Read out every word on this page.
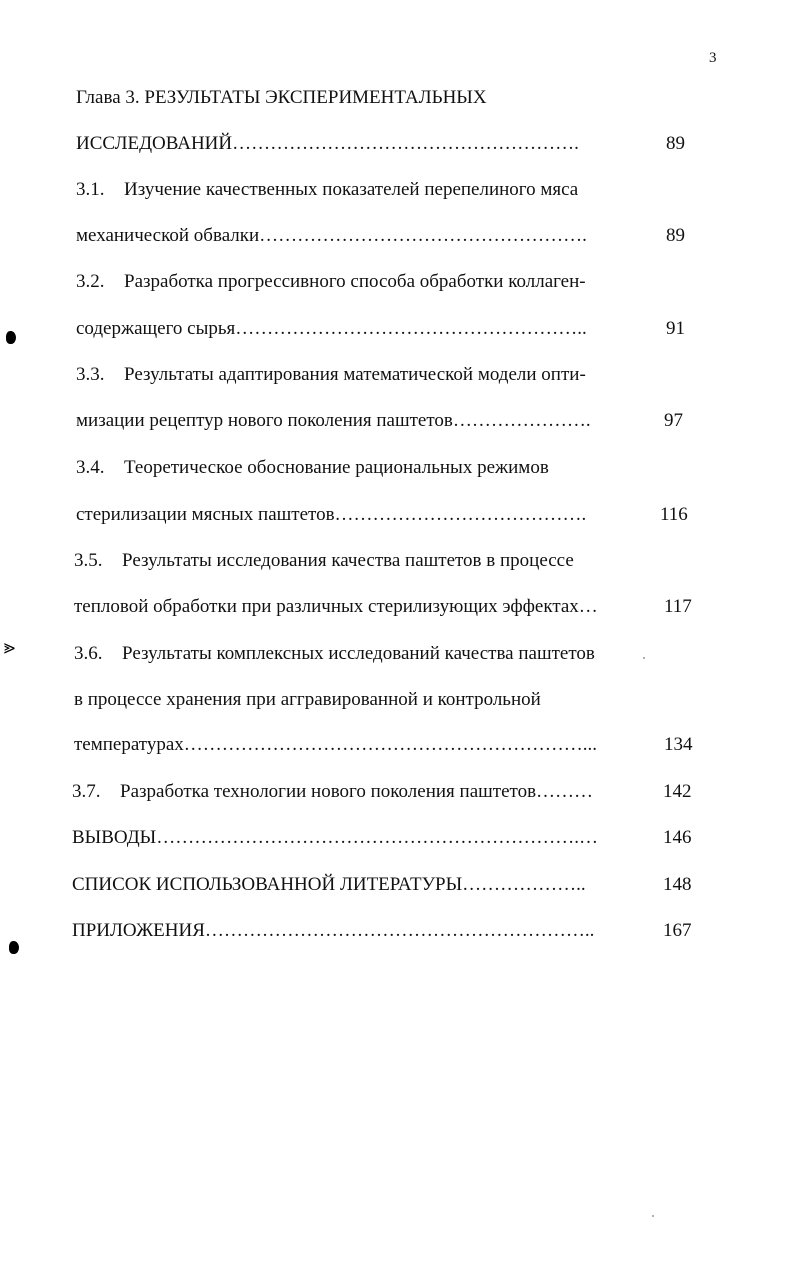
3
Глава 3. РЕЗУЛЬТАТЫ ЭКСПЕРИМЕНТАЛЬНЫХ
ИССЛЕДОВАНИЙ……………………………………………….	89
3.1. Изучение качественных показателей перепелиного мяса
механической обвалки…………………………………………….	89
3.2. Разработка прогрессивного способа обработки коллаген-
содержащего сырья………………………………………………..	91
3.3. Результаты адаптирования математической модели опти-
мизации рецептур нового поколения паштетов………………….	97
3.4. Теоретическое обоснование рациональных режимов
стерилизации мясных паштетов………………………………….	116
3.5. Результаты исследования качества паштетов в процессе
тепловой обработки при различных стерилизующих эффектах…	117
3.6. Результаты комплексных исследований качества паштетов
в процессе хранения при аггравированной и контрольной
температурах………………………………………………………...	134
3.7. Разработка технологии нового поколения паштетов………	142
ВЫВОДЫ………………………………………………………….…	146
СПИСОК ИСПОЛЬЗОВАННОЙ ЛИТЕРАТУРЫ………………..	148
ПРИЛОЖЕНИЯ……………………………………………………..	167
⪢
